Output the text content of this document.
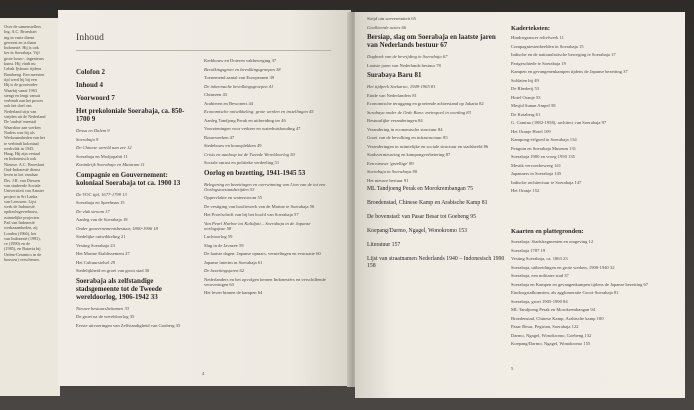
Over de samenstellers
Ing. A.C. Broeshart
ing in vaste dienst
geweest en is thans
Indonesië. Hij is ook
ker in Soerabaja. Vijf
grote bouw-, ingenieurs
kunst. Hij vindt nu
Lebak Ijsbouw tijdens
Bandoeng. Een meesten
tijd werd hij bij een
Hij is de grootvader
Waarbij vanaf 1963
stengt en lengt vanuit
verbindt aan het proces
ook het doel ons
Nederland stijs van
strijden uit de Nederland
De 'oudste' meestal
Waardoor aan werken
Naders was hij als
Werkzaamheden van het
te verbindt koloniaal
werkvlak in 1945.
Haag. Hij zijn vertaal
en Indonesisch ook
Nieuwe. A.C. Broeshart
Oud-Indonesië dienst
leven in het vandaar
Drs. J.R. van Diessen
van studeerde Sociale
Universiteit van Amster
project in Sri Lanka
van Leeuwen. Lijst
werk de Indonesië
opdrachtgeverbouw,
ruimtelijke projecten
Pad van Indonesië
werkzaamheden, zij
Londen (1966), het
van Indonesië (1983),
ce (1990) en de
(1985), en Batavia bij
Oriënt-Ceramics in de
bouwen) verschenen.
Inhoud
Colofon 2
Inhoud 4
Voorwoord 7
Het prekoloniale Soerabaja, ca. 850-1700 9
Dessa en Dalem 9
Soerabaja 9
De Chinese wereld aan zee 12
Soerabaja en Modjopahit 11
Koninkrijk Soerabaja en Mataram 11
Compagnie en Gouvernement: koloniaal Soerabaja tot ca. 1900 13
De VOC tijd, 1677-1799 13
Soerabaja en Speelman 15
De vlak stroom 17
Aanleg van de Soerabaja 18
Onder gouvernementsbestuur, 1800-1906 18
Stedelijke ontwikkeling 21
Vesting Soerabaja 23
Het Marine Etablissement 27
Het Cultuurstelsel 29
Stedelijkheid en groei van groot stad 30
Soerabaja als zelfstandige stadsgemeente tot de Tweede wereldoorlog, 1906-1942 33
Nieuwe bestuurslichamen 33
De groei na de wereldoorlog 35
Eerste uitvoeringen van Zelfstandigheid van Gouberg 35
Kerkbouw en Doteren vakbeweging 37
Bevolkingsgroei en bevolkingsgroepen 38
Toenemend aantal van Europeanen 39
De inheemsche bevolkingsgroepen 41
Chinezen 43
Arabieren en Bewoners 44
Economische ontwikkeling: grote werken en instellingen 45
Aanleg Tandjong Perak en uitbreiding ter 46
Voorzieningen voor verkeer en waterhuishouding 47
Bouwwerken 47
Stedebouw en bouwplekken 49
Crisis en aanloop tot de Tweede Wereldoorlog 50
Sociale onrust en politieke verdeeling 51
Oorlog en bezetting, 1941-1945 53
Belegering en bezettingen en overwinning van Lion van de tot een Oorlogstoestandstrijden 53
Oppervlakte en waterstroom 55
De vestiging van hooftewerk van de Marine te Soerabaja 56
Het Proefschrift van bij het hoofd van Soerabaja 57
Van Pearl Harbor tot Kalidjati – Soerabaja in de Japanse oorlogsfase 58
Luchtoorlog 59
Slag in de Javazee 59
De laatste dagen: Japanse opmars, vernielingen en evacuatie 60
Japanse interim in Soerabaja 61
De bezettingsjaren 62
Nederlanders en het opvolgen kemen Indonesiërs en verschillende veroveringen 63
Het leven binnen de kampen 64
4
Strijd om soevereiniteit 65
Geallieerde acties 66
Bersiap, slag om Soerabaja en laatste jaren van Nederlands bestuur 67
Dagboek van de bevrijding in Soerabaja 67
Laatste jaren van Nederlands bestuur 78
Surabaya Baru 81
Het tijdperk Soekarno, 1949-1965 81
Einde van Nederlanders 81
Economische teruggang en groeiende achterstand op Jakarta 82
Surabaya onder de Orde Baru: metropool in wording 83
Bestuurlijke veranderingen 84
Verandering in economische structuur 84
Groei van de bevolking en infrastructuur 85
Veranderingen in ruimtelijke en sociale structuur en stadsbeeld 86
Stadsvernieuwing en kampongverbetering 87
Een nieuwe 'gezellige' 89
Soerabaja in Soerabaya 90
Het nieuwe bestuur 91
ML Tandjoeng Perak en Morokrembangan 75
Broedenstad, Chinese Kamp en Arabische Kamp 81
De bovenstad: van Pasar Besar tot Goebeng 95
Koepang/Darmo, Ngagel, Wonokromo 153
Literatuur 157
Lijst van straatnamen Nederlands 1940 – Indonesisch 1990 158
Kaderteksten:
Hindoegrancer reliefwerk 11
Compagniestenbeelden in Soerabaja 15
Indische en de nationalistische beweging te Soerabaja 17
Parigeschiede te Soerabaja 19
Kampen en gevangenenkampen tijdens de Japanse bezetting 37
Soldaten bij 49
De Rhederij 53
Hotel Oranje 53
Mesjid Sunan Ampel 58
De Kotaberg 61
G. Camino (1882-1958), architect van Soerabaja 97
Het Oranje Hotel 109
Kampong-erfgoed in Soerabaja 134
Penguin en Soerabaja Museum 131
Soerabaja 1900 en vroeg 1950 135
Mestik vervoerbeweeg 141
Japanners in Soerabaja 145
Indische architectuur te Soerabaja 147
Het Oranje 152
Kaarten en plattegronden:
Soerabaja: Stadsfragmenten en omgeving 12
Soerabaja 1787 19
Vesting Soerabaja, ca. 1863 23
Soerabaja, uitbreidingen en grote werken, 1900-1940 32
Soerabaja, een militaire stad 37
Soerabaja en Kampen en gevangenkampen tijdens de Japanse bezetting 67
Eindoogstafkomsten, als agglomeratie Groot-Soerabaja 81
Soerabaja, groei 1905-1990 84
ML Tandjoeng Perak en Morokrembangan 94
Broedenstad, Chinese Kamp, Arabische kamp 100
Pasar Besar, Pegirian, Soerabaja 122
Darmo, Ngagel, Wonokromo, Goebeng 132
Koepang/Darmo, Ngagel, Wonokromo 155
5
